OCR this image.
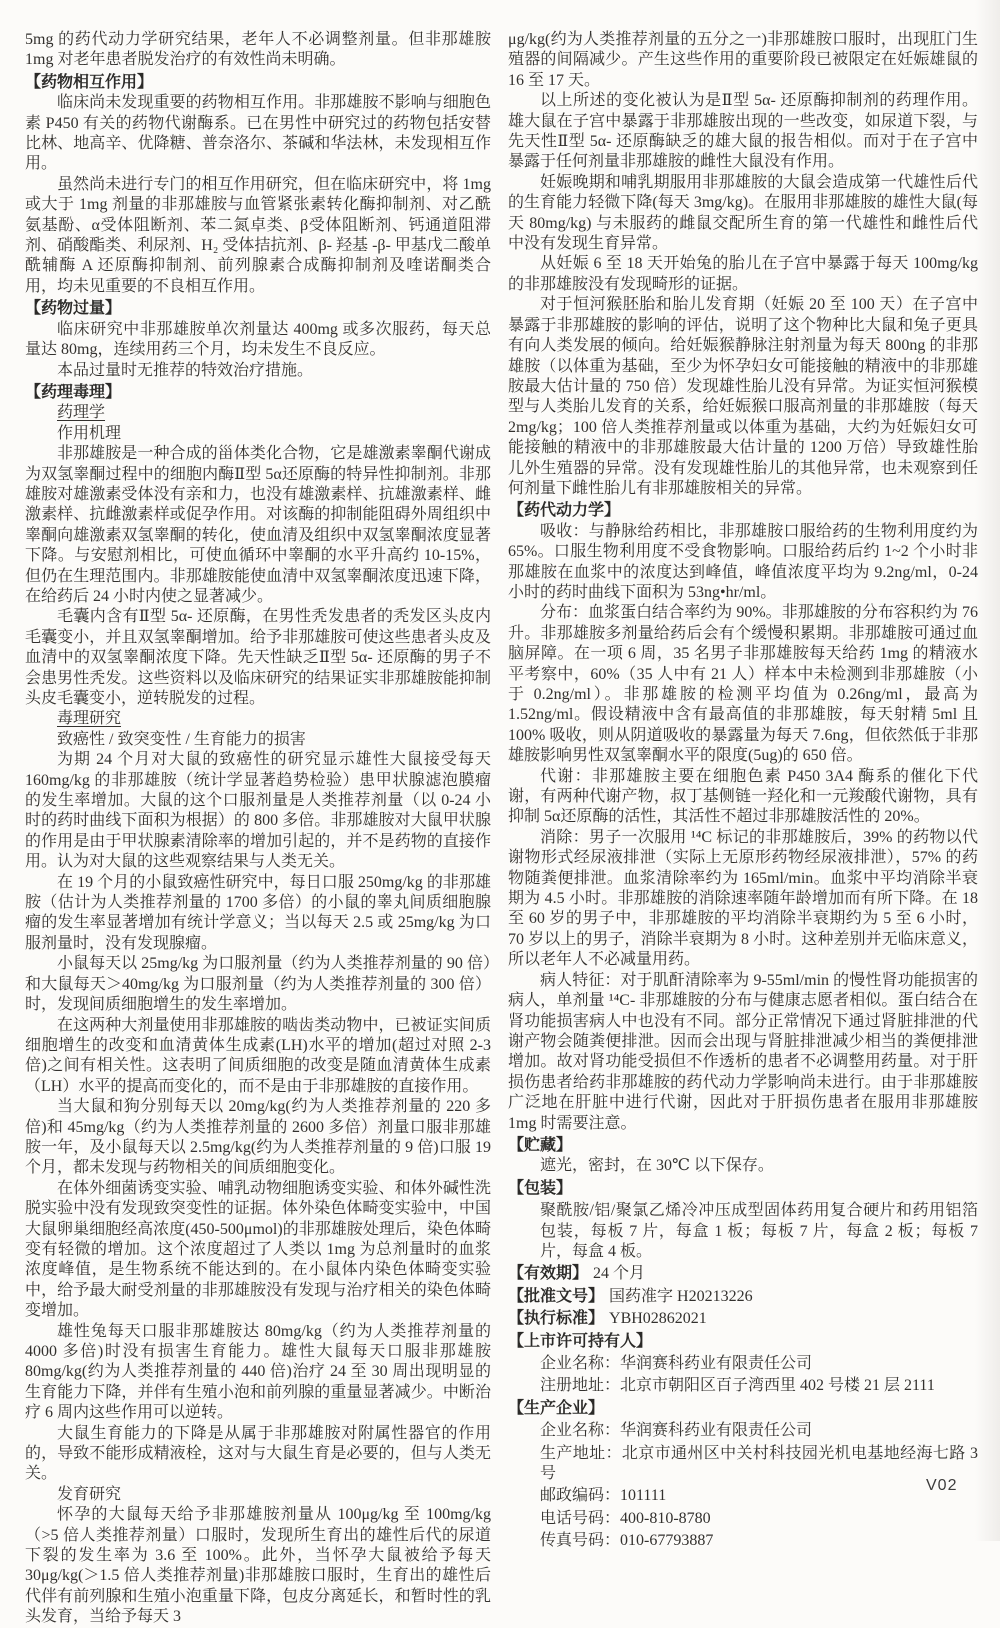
5mg 的药代动力学研究结果，老年人不必调整剂量。但非那雄胺 1mg 对老年患者脱发治疗的有效性尚未明确。
【药物相互作用】
临床尚未发现重要的药物相互作用。非那雄胺不影响与细胞色素 P450 有关的药物代谢酶系。已在男性中研究过的药物包括安替比林、地高辛、优降糖、普奈洛尔、茶碱和华法林，未发现相互作用。
虽然尚未进行专门的相互作用研究，但在临床研究中，将 1mg 或大于 1mg 剂量的非那雄胺与血管紧张素转化酶抑制剂、对乙酰氨基酚、α受体阻断剂、苯二氮卓类、β受体阻断剂、钙通道阻滞剂、硝酸酯类、利尿剂、H₂ 受体拮抗剂、β- 羟基 -β- 甲基戊二酸单酰辅酶 A 还原酶抑制剂、前列腺素合成酶抑制剂及喹诺酮类合用，均未见重要的不良相互作用。
【药物过量】
临床研究中非那雄胺单次剂量达 400mg 或多次服药，每天总量达 80mg，连续用药三个月，均未发生不良反应。
本品过量时无推荐的特效治疗措施。
【药理毒理】
药理学
作用机理
非那雄胺是一种合成的甾体类化合物，它是雄激素睾酮代谢成为双氢睾酮过程中的细胞内酶Ⅱ型 5α还原酶的特异性抑制剂。非那雄胺对雄激素受体没有亲和力，也没有雄激素样、抗雄激素样、雌激素样、抗雌激素样或促孕作用。对该酶的抑制能阻碍外周组织中睾酮向雄激素双氢睾酮的转化，使血清及组织中双氢睾酮浓度显著下降。与安慰剂相比，可使血循环中睾酮的水平升高约 10-15%，但仍在生理范围内。非那雄胺能使血清中双氢睾酮浓度迅速下降，在给药后 24 小时内使之显著减少。
毛囊内含有Ⅱ型 5α- 还原酶，在男性秃发患者的秃发区头皮内毛囊变小，并且双氢睾酮增加。给予非那雄胺可使这些患者头皮及血清中的双氢睾酮浓度下降。先天性缺乏Ⅱ型 5α- 还原酶的男子不会患男性秃发。这些资料以及临床研究的结果证实非那雄胺能抑制头皮毛囊变小，逆转脱发的过程。
毒理研究
致癌性 / 致突变性 / 生育能力的损害
为期 24 个月对大鼠的致癌性的研究显示雄性大鼠接受每天 160mg/kg 的非那雄胺（统计学显著趋势检验）患甲状腺滤泡膜瘤的发生率增加。大鼠的这个口服剂量是人类推荐剂量（以 0-24 小时的药时曲线下面积为根据）的 800 多倍。非那雄胺对大鼠甲状腺的作用是由于甲状腺素清除率的增加引起的，并不是药物的直接作用。认为对大鼠的这些观察结果与人类无关。
在 19 个月的小鼠致癌性研究中，每日口服 250mg/kg 的非那雄胺（估计为人类推荐剂量的 1700 多倍）的小鼠的睾丸间质细胞腺瘤的发生率显著增加有统计学意义；当以每天 2.5 或 25mg/kg 为口服剂量时，没有发现腺瘤。
小鼠每天以 25mg/kg 为口服剂量（约为人类推荐剂量的 90 倍）和大鼠每天＞40mg/kg 为口服剂量（约为人类推荐剂量的 300 倍）时，发现间质细胞增生的发生率增加。
在这两种大剂量使用非那雄胺的啮齿类动物中，已被证实间质细胞增生的改变和血清黄体生成素(LH)水平的增加(超过对照 2-3 倍)之间有相关性。这表明了间质细胞的改变是随血清黄体生成素（LH）水平的提高而变化的，而不是由于非那雄胺的直接作用。
当大鼠和狗分别每天以 20mg/kg(约为人类推荐剂量的 220 多倍)和 45mg/kg（约为人类推荐剂量的 2600 多倍）剂量口服非那雄胺一年，及小鼠每天以 2.5mg/kg(约为人类推荐剂量的 9 倍)口服 19 个月，都未发现与药物相关的间质细胞变化。
在体外细菌诱变实验、哺乳动物细胞诱变实验、和体外碱性洗脱实验中没有发现致突变性的证据。体外染色体畸变实验中，中国大鼠卵巢细胞经高浓度(450-500μmol)的非那雄胺处理后，染色体畸变有轻微的增加。这个浓度超过了人类以 1mg 为总剂量时的血浆浓度峰值，是生物系统不能达到的。在小鼠体内染色体畸变实验中，给予最大耐受剂量的非那雄胺没有发现与治疗相关的染色体畸变增加。
雄性兔每天口服非那雄胺达 80mg/kg（约为人类推荐剂量的 4000 多倍)时没有损害生育能力。雄性大鼠每天口服非那雄胺 80mg/kg(约为人类推荐剂量的 440 倍)治疗 24 至 30 周出现明显的生育能力下降，并伴有生殖小泡和前列腺的重量显著减少。中断治疗 6 周内这些作用可以逆转。
大鼠生育能力的下降是从属于非那雄胺对附属性器官的作用的，导致不能形成精液栓，这对与大鼠生育是必要的，但与人类无关。
发育研究
怀孕的大鼠每天给予非那雄胺剂量从 100μg/kg 至 100mg/kg（>5 倍人类推荐剂量）口服时，发现所生育出的雄性后代的尿道下裂的发生率为 3.6 至 100%。此外，当怀孕大鼠被给予每天 30μg/kg(＞1.5 倍人类推荐剂量)非那雄胺口服时，生育出的雄性后代伴有前列腺和生殖小泡重量下降，包皮分离延长，和暂时性的乳头发育，当给予每天 3
μg/kg(约为人类推荐剂量的五分之一)非那雄胺口服时，出现肛门生殖器的间隔减少。产生这些作用的重要阶段已被限定在妊娠雄鼠的 16 至 17 天。
以上所述的变化被认为是Ⅱ型 5α- 还原酶抑制剂的药理作用。雄大鼠在子宫中暴露于非那雄胺出现的一些改变，如尿道下裂，与先天性Ⅱ型 5α- 还原酶缺乏的雄大鼠的报告相似。而对于在子宫中暴露于任何剂量非那雄胺的雌性大鼠没有作用。
妊娠晚期和哺乳期服用非那雄胺的大鼠会造成第一代雄性后代的生育能力轻微下降(每天 3mg/kg)。在服用非那雄胺的雄性大鼠(每天 80mg/kg) 与未服药的雌鼠交配所生育的第一代雄性和雌性后代中没有发现生育异常。
从妊娠 6 至 18 天开始兔的胎儿在子宫中暴露于每天 100mg/kg 的非那雄胺没有发现畸形的证据。
对于恒河猴胚胎和胎儿发育期（妊娠 20 至 100 天）在子宫中暴露于非那雄胺的影响的评估，说明了这个物种比大鼠和兔子更具有向人类发展的倾向。给妊娠猴静脉注射剂量为每天 800ng 的非那雄胺（以体重为基础，至少为怀孕妇女可能接触的精液中的非那雄胺最大估计量的 750 倍）发现雄性胎儿没有异常。为证实恒河猴模型与人类胎儿发育的关系，给妊娠猴口服高剂量的非那雄胺（每天 2mg/kg；100 倍人类推荐剂量或以体重为基础，大约为妊娠妇女可能接触的精液中的非那雄胺最大估计量的 1200 万倍）导致雄性胎儿外生殖器的异常。没有发现雄性胎儿的其他异常，也未观察到任何剂量下雌性胎儿有非那雄胺相关的异常。
【药代动力学】
吸收：与静脉给药相比，非那雄胺口服给药的生物利用度约为 65%。口服生物利用度不受食物影响。口服给药后约 1~2 个小时非那雄胺在血浆中的浓度达到峰值，峰值浓度平均为 9.2ng/ml，0-24 小时的药时曲线下面积为 53ng•hr/ml。
分布：血浆蛋白结合率约为 90%。非那雄胺的分布容积约为 76 升。非那雄胺多剂量给药后会有个缓慢积累期。非那雄胺可通过血脑屏障。在一项 6 周，35 名男子非那雄胺每天给药 1mg 的精液水平考察中，60%（35 人中有 21 人）样本中未检测到非那雄胺（小于 0.2ng/ml）。非那雄胺的检测平均值为 0.26ng/ml，最高为 1.52ng/ml。假设精液中含有最高值的非那雄胺，每天射精 5ml 且 100% 吸收，则从阴道吸收的暴露量为每天 7.6ng，但依然低于非那雄胺影响男性双氢睾酮水平的限度(5ug)的 650 倍。
代谢：非那雄胺主要在细胞色素 P450 3A4 酶系的催化下代谢，有两种代谢产物，叔丁基侧链一羟化和一元羧酸代谢物，具有抑制 5α还原酶的活性，其活性不超过非那雄胺活性的 20%。
消除：男子一次服用 ¹⁴C 标记的非那雄胺后，39% 的药物以代谢物形式经尿液排泄（实际上无原形药物经尿液排泄），57% 的药物随粪便排泄。血浆清除率约为 165ml/min。血浆中平均消除半衰期为 4.5 小时。非那雄胺的消除速率随年龄增加而有所下降。在 18 至 60 岁的男子中，非那雄胺的平均消除半衰期约为 5 至 6 小时，70 岁以上的男子，消除半衰期为 8 小时。这种差别并无临床意义，所以老年人不必减量用药。
病人特征：对于肌酐清除率为 9-55ml/min 的慢性肾功能损害的病人，单剂量 ¹⁴C- 非那雄胺的分布与健康志愿者相似。蛋白结合在肾功能损害病人中也没有不同。部分正常情况下通过肾脏排泄的代谢产物会随粪便排泄。因而会出现与肾脏排泄减少相当的粪便排泄增加。故对肾功能受损但不作透析的患者不必调整用药量。对于肝损伤患者给药非那雄胺的药代动力学影响尚未进行。由于非那雄胺广泛地在肝脏中进行代谢，因此对于肝损伤患者在服用非那雄胺 1mg 时需要注意。
【贮藏】
遮光，密封，在 30℃ 以下保存。
【包装】
聚酰胺/铝/聚氯乙烯冷冲压成型固体药用复合硬片和药用铝箔包装，每板 7 片，每盒 1 板；每板 7 片，每盒 2 板；每板 7 片，每盒 4 板。
【有效期】 24 个月
【批准文号】 国药准字 H20213226
【执行标准】 YBH02862021
【上市许可持有人】
企业名称：华润赛科药业有限责任公司
注册地址：北京市朝阳区百子湾西里 402 号楼 21 层 2111
【生产企业】
企业名称：华润赛科药业有限责任公司
生产地址：北京市通州区中关村科技园光机电基地经海七路 3 号
邮政编码：101111
电话号码：400-810-8780
传真号码：010-67793887
V02
